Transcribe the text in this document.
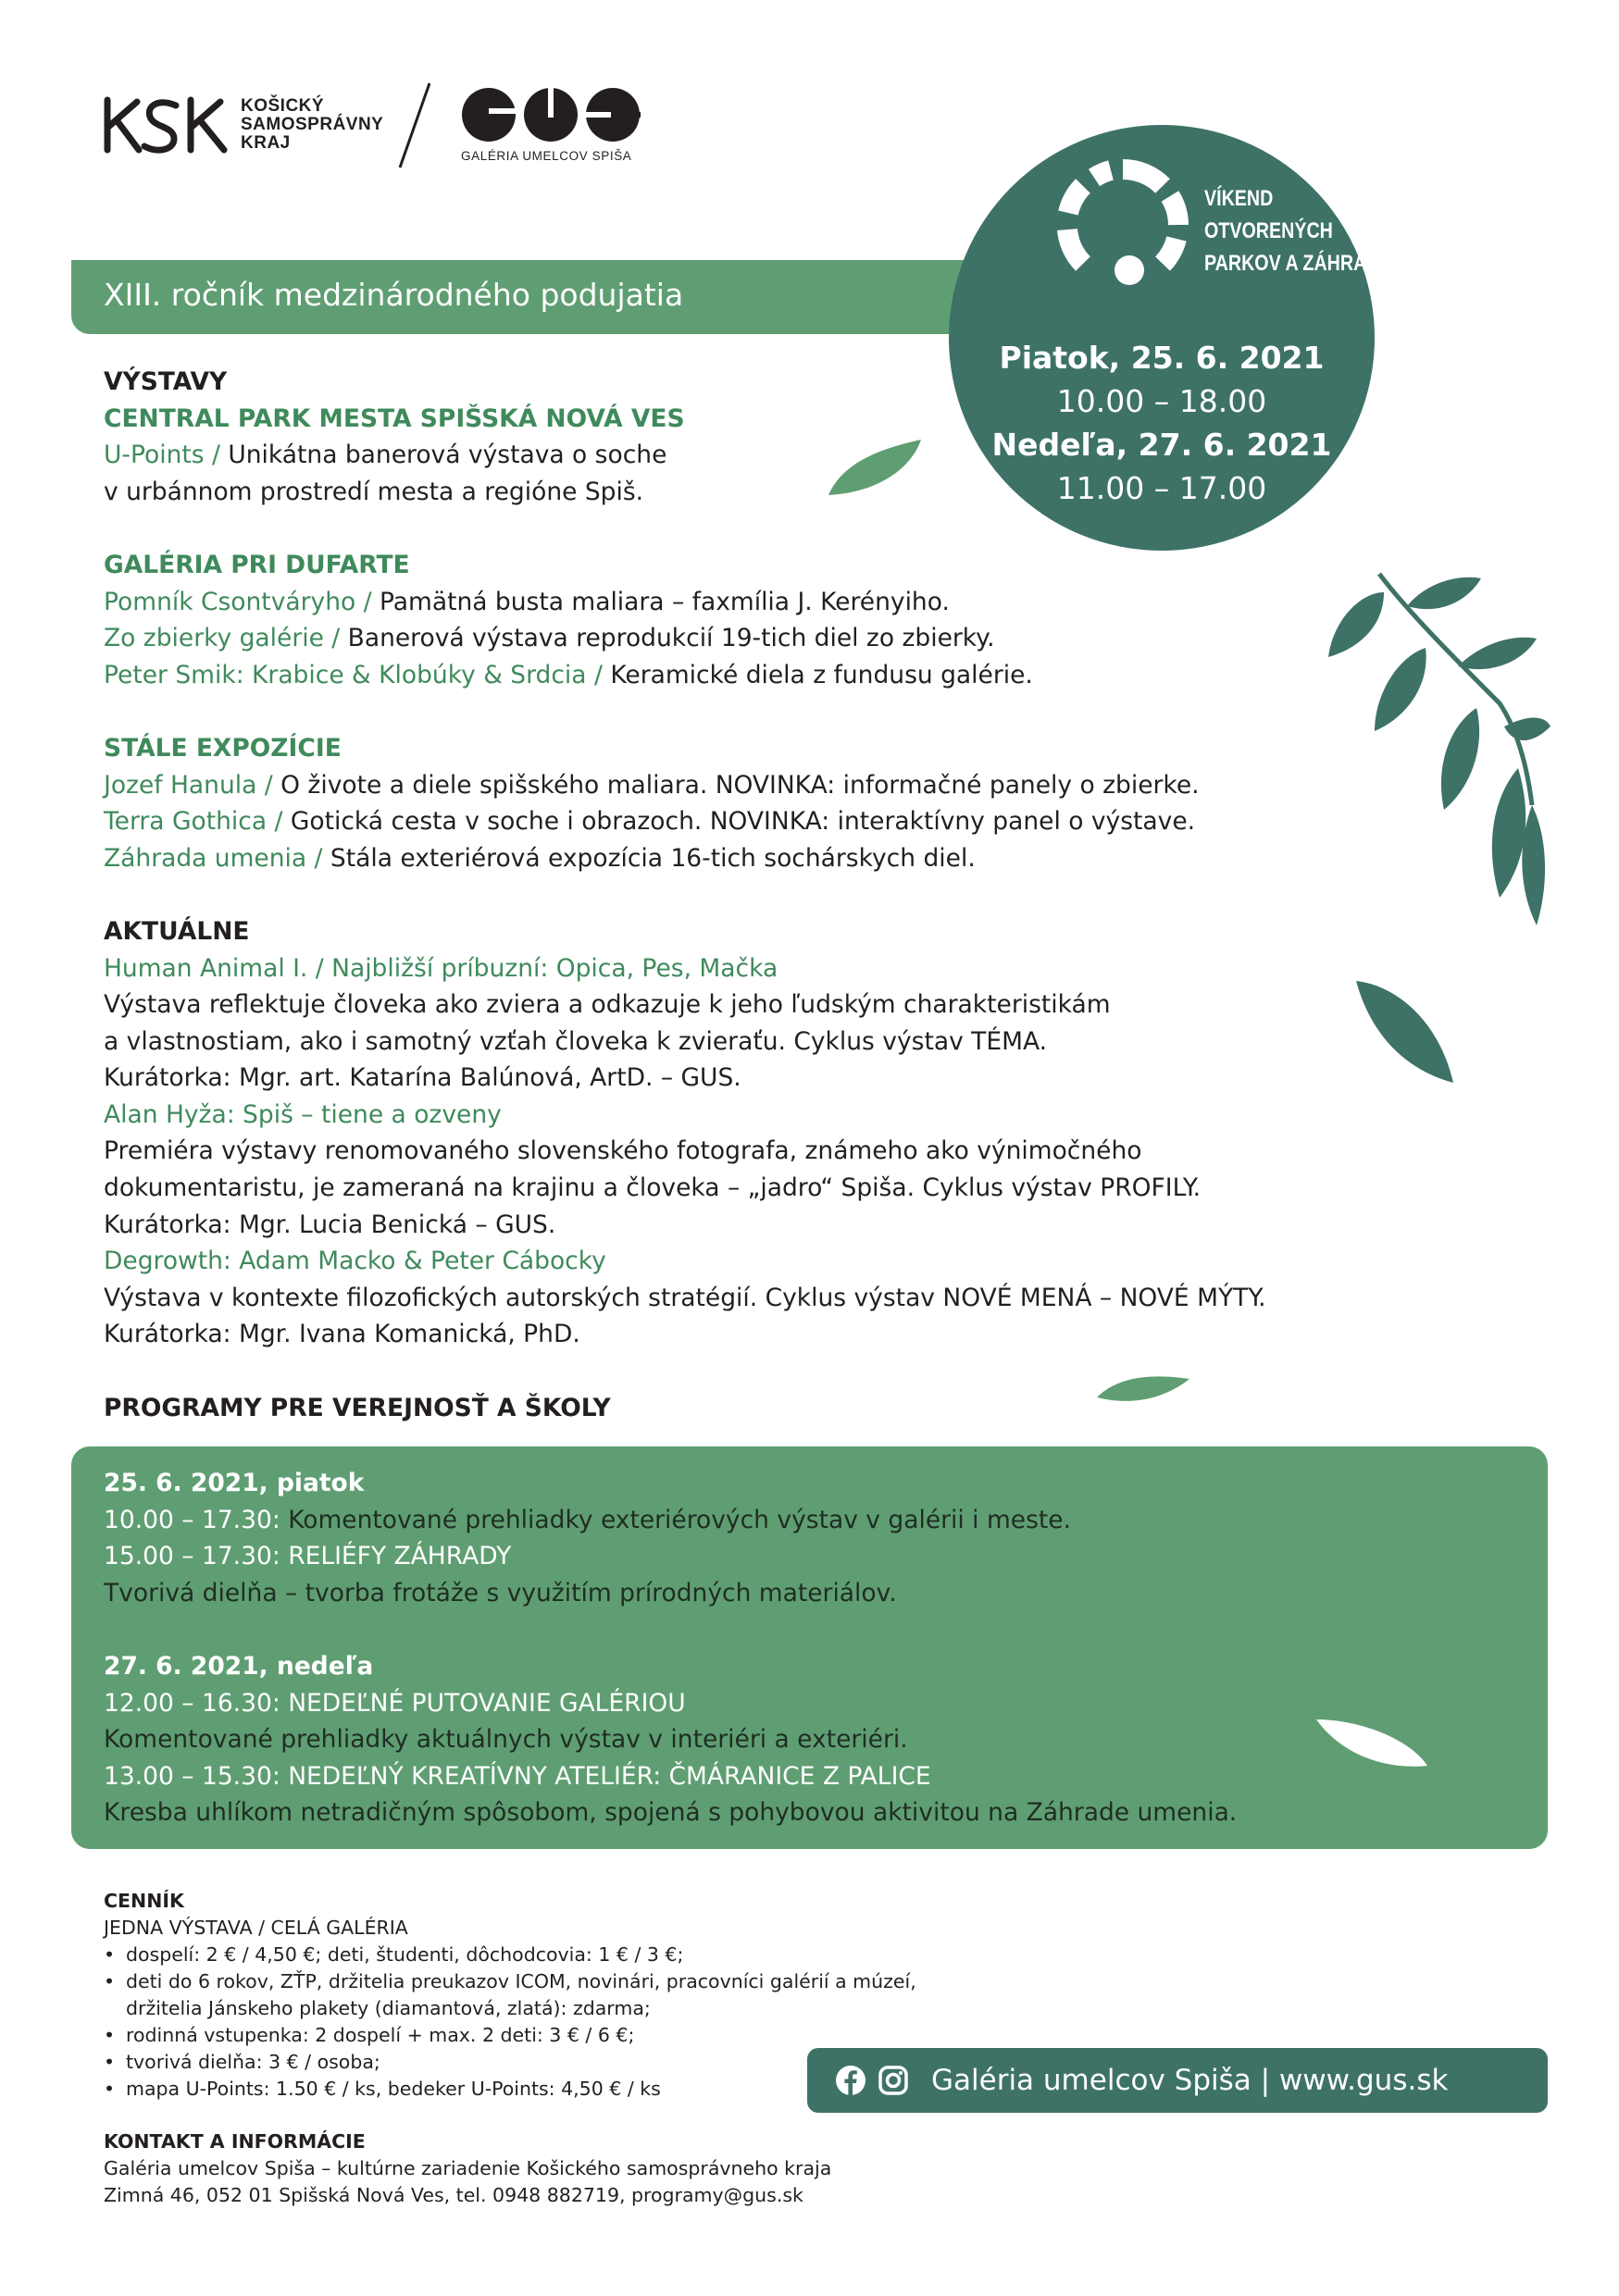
KOŠICKÝ
SAMOSPRÁVNY
KRAJ
GALÉRIA UMELCOV SPIŠA
XIII. ročník medzinárodného podujatia
VÍKEND
OTVORENÝCH
PARKOV A ZÁHRAD
Piatok, 25. 6. 2021
10.00 – 18.00
Nedeľa, 27. 6. 2021
11.00 – 17.00

VÝSTAVY

CENTRAL PARK MESTA SPIŠSKÁ NOVÁ VES

U-Points / Unikátna banerová výstava o soche

v urbánnom prostredí mesta a regióne Spiš.

GALÉRIA PRI DUFARTE

Pomník Csontváryho / Pamätná busta maliara – faxmília J. Kerényiho.

Zo zbierky galérie / Banerová výstava reprodukcií 19-tich diel zo zbierky.

Peter Smik: Krabice & Klobúky & Srdcia / Keramické diela z fundusu galérie.

STÁLE EXPOZÍCIE

Jozef Hanula / O živote a diele spišského maliara. NOVINKA: informačné panely o zbierke.

Terra Gothica / Gotická cesta v soche i obrazoch. NOVINKA: interaktívny panel o výstave.

Záhrada umenia / Stála exteriérová expozícia 16-tich sochárskych diel.

AKTUÁLNE

Human Animal I. / Najbližší príbuzní: Opica, Pes, Mačka

Výstava reflektuje človeka ako zviera a odkazuje k jeho ľudským charakteristikám

a vlastnostiam, ako i samotný vzťah človeka k zvieraťu. Cyklus výstav TÉMA.

Kurátorka: Mgr. art. Katarína Balúnová, ArtD. – GUS.

Alan Hyža: Spiš – tiene a ozveny

Premiéra výstavy renomovaného slovenského fotografa, známeho ako výnimočného

dokumentaristu, je zameraná na krajinu a človeka – „jadro“ Spiša. Cyklus výstav PROFILY.

Kurátorka: Mgr. Lucia Benická – GUS.

Degrowth: Adam Macko & Peter Cábocky

Výstava v kontexte filozofických autorských stratégií. Cyklus výstav NOVÉ MENÁ – NOVÉ MÝTY.

Kurátorka: Mgr. Ivana Komanická, PhD.

PROGRAMY PRE VEREJNOSŤ A ŠKOLY

25. 6. 2021, piatok

10.00 – 17.30: Komentované prehliadky exteriérových výstav v galérii i meste.

15.00 – 17.30: RELIÉFY ZÁHRADY

Tvorivá dielňa – tvorba frotáže s využitím prírodných materiálov.

27. 6. 2021, nedeľa

12.00 – 16.30: NEDEĽNÉ PUTOVANIE GALÉRIOU

Komentované prehliadky aktuálnych výstav v interiéri a exteriéri.

13.00 – 15.30: NEDEĽNÝ KREATÍVNY ATELIÉR: ČMÁRANICE Z PALICE

Kresba uhlíkom netradičným spôsobom, spojená s pohybovou aktivitou na Záhrade umenia.

CENNÍK

JEDNA VÝSTAVA / CELÁ GALÉRIA

• dospelí: 2 € / 4,50 €; deti, študenti, dôchodcovia: 1 € / 3 €;
• deti do 6 rokov, ZŤP, držitelia preukazov ICOM, novinári, pracovníci galérií a múzeí,
držitelia Jánskeho plakety (diamantová, zlatá): zdarma;
• rodinná vstupenka: 2 dospelí + max. 2 deti: 3 € / 6 €;
• tvorivá dielňa: 3 € / osoba;
• mapa U-Points: 1.50 € / ks, bedeker U-Points: 4,50 € / ks	Galéria umelcov Spiša | www.gus.sk

KONTAKT A INFORMÁCIE

Galéria umelcov Spiša – kultúrne zariadenie Košického samosprávneho kraja

Zimná 46, 052 01 Spišská Nová Ves, tel. 0948 882719, programy@gus.sk
